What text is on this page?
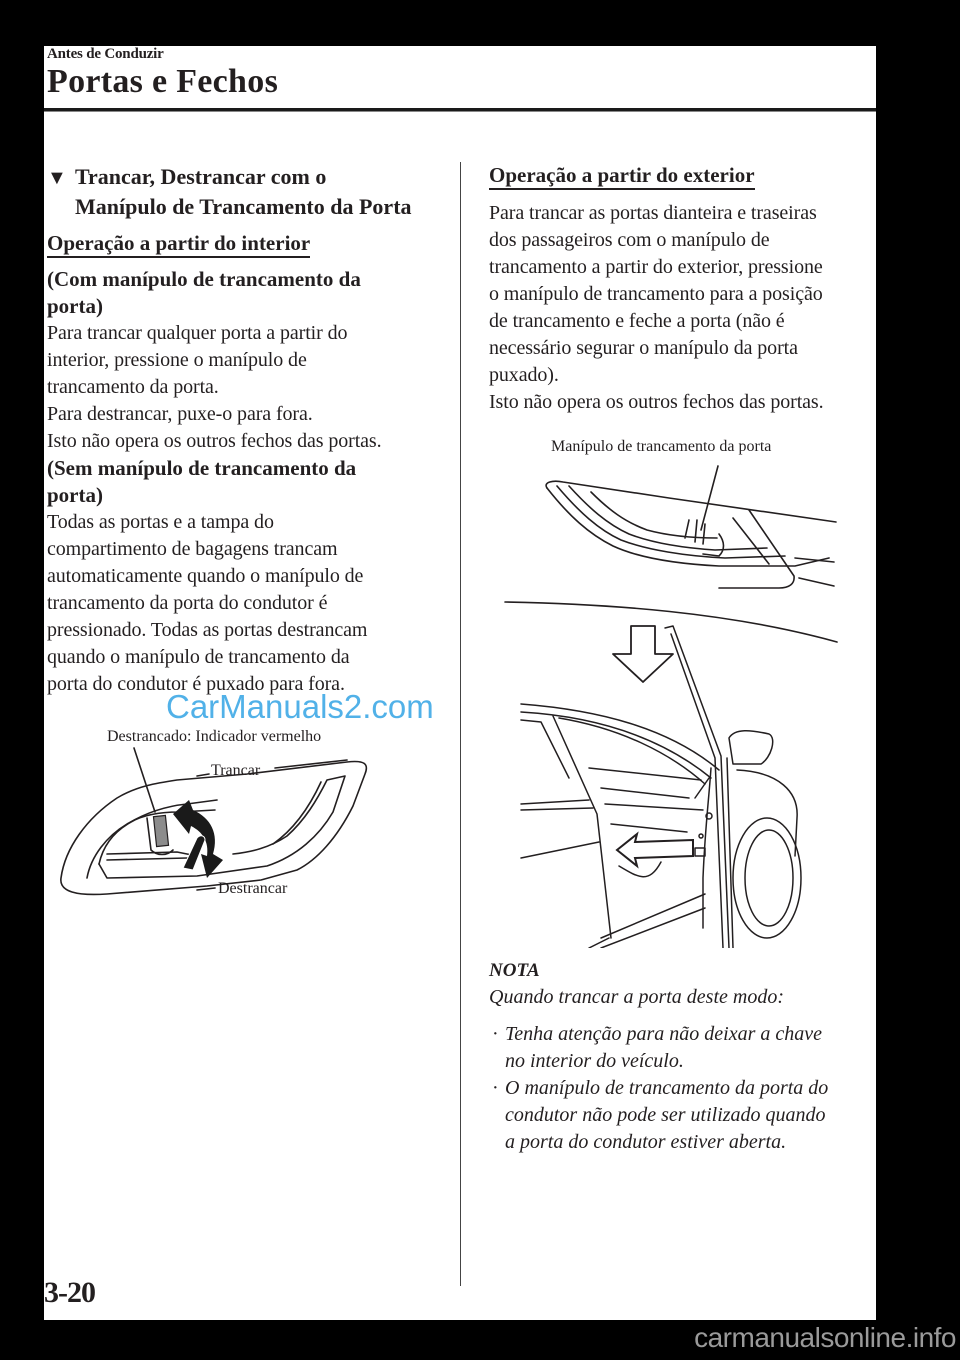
Antes de Conduzir
Portas e Fechos
▼ Trancar, Destrancar com o
Manípulo de Trancamento da Porta
Operação a partir do interior
(Com manípulo de trancamento da
porta)
Para trancar qualquer porta a partir do
interior, pressione o manípulo de
trancamento da porta.
Para destrancar, puxe-o para fora.
Isto não opera os outros fechos das portas.
(Sem manípulo de trancamento da
porta)
Todas as portas e a tampa do
compartimento de bagagens trancam
automaticamente quando o manípulo de
trancamento da porta do condutor é
pressionado. Todas as portas destrancam
quando o manípulo de trancamento da
porta do condutor é puxado para fora.
Destrancado: Indicador vermelho
Trancar
Destrancar
Operação a partir do exterior
Para trancar as portas dianteira e traseiras
dos passageiros com o manípulo de
trancamento a partir do exterior, pressione
o manípulo de trancamento para a posição
de trancamento e feche a porta (não é
necessário segurar o manípulo da porta
puxado).
Isto não opera os outros fechos das portas.
Manípulo de trancamento da porta
NOTA
Quando trancar a porta deste modo:
· Tenha atenção para não deixar a chave
no interior do veículo.
· O manípulo de trancamento da porta do
condutor não pode ser utilizado quando
a porta do condutor estiver aberta.
3-20
CarManuals2.com
carmanualsonline.info
